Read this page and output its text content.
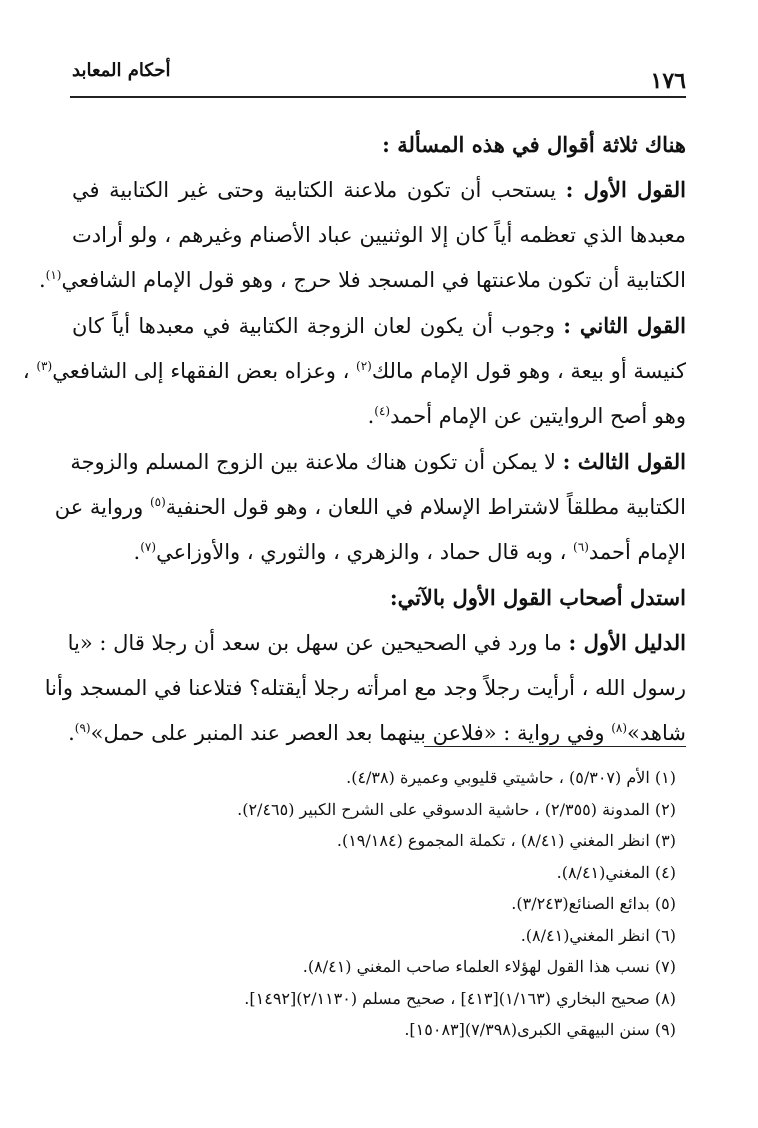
١٧٦
أحكام المعابد
هناك ثلاثة أقوال في هذه المسألة :
القول الأول : يستحب أن تكون ملاعنة الكتابية وحتى غير الكتابية في
معبدها الذي تعظمه أياً كان إلا الوثنيين عباد الأصنام وغيرهم ، ولو أرادت
الكتابية أن تكون ملاعنتها في المسجد فلا حرج ، وهو قول الإمام الشافعي$^{(١)}$.
القول الثاني : وجوب أن يكون لعان الزوجة الكتابية في معبدها أياً كان
كنيسة أو بيعة ، وهو قول الإمام مالك$^{(٢)}$ ، وعزاه بعض الفقهاء إلى الشافعي$^{(٣)}$ ،
وهو أصح الروايتين عن الإمام أحمد$^{(٤)}$.
القول الثالث : لا يمكن أن تكون هناك ملاعنة بين الزوج المسلم والزوجة
الكتابية مطلقاً لاشتراط الإسلام في اللعان ، وهو قول الحنفية$^{(٥)}$ ورواية عن
الإمام أحمد$^{(٦)}$ ، وبه قال حماد ، والزهري ، والثوري ، والأوزاعي$^{(٧)}$.
استدل أصحاب القول الأول بالآتي:
الدليل الأول : ما ورد في الصحيحين عن سهل بن سعد أن رجلا قال : «يا
رسول الله ، أرأيت رجلاً وجد مع امرأته رجلا أيقتله؟ فتلاعنا في المسجد وأنا
شاهد»$^{(٨)}$ وفي رواية : «فلاعن بينهما بعد العصر عند المنبر على حمل»$^{(٩)}$.
(١) الأم (٥/٣٠٧) ، حاشيتي قليوبي وعميرة (٤/٣٨).
(٢) المدونة (٢/٣٥٥) ، حاشية الدسوقي على الشرح الكبير (٢/٤٦٥).
(٣) انظر المغني (٨/٤١) ، تكملة المجموع (١٩/١٨٤).
(٤) المغني(٨/٤١).
(٥) بدائع الصنائع(٣/٢٤٣).
(٦) انظر المغني(٨/٤١).
(٧) نسب هذا القول لهؤلاء العلماء صاحب المغني (٨/٤١).
(٨) صحيح البخاري (١/١٦٣)[٤١٣] ، صحيح مسلم (٢/١١٣٠)[١٤٩٢].
(٩) سنن البيهقي الكبرى(٧/٣٩٨)[١٥٠٨٣].
